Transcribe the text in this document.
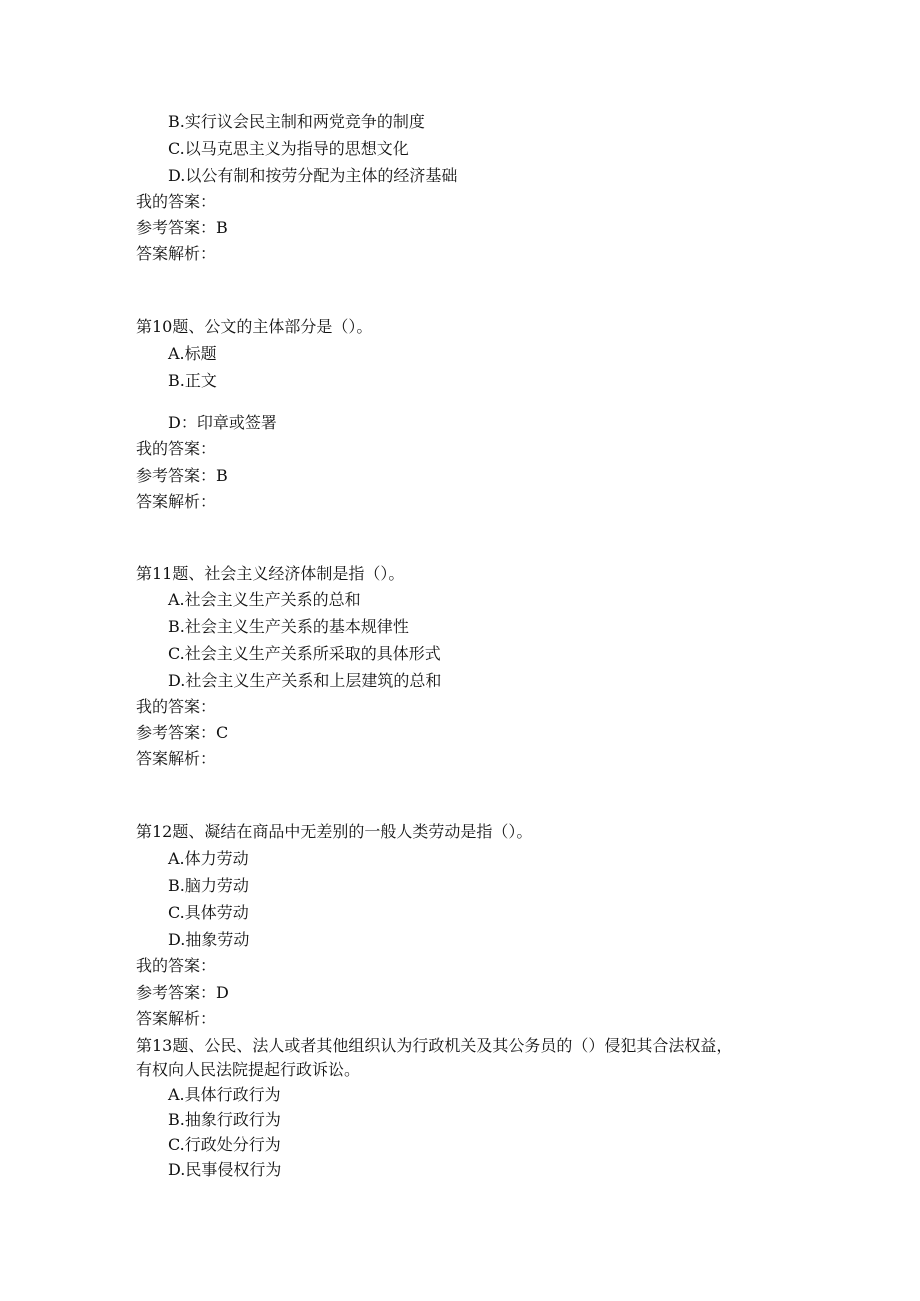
B.实行议会民主制和两党竞争的制度
C.以马克思主义为指导的思想文化
D.以公有制和按劳分配为主体的经济基础
我的答案：
参考答案：B
答案解析：
第10题、公文的主体部分是（）。
A.标题
B.正文
D：印章或签署
我的答案：
参考答案：B
答案解析：
第11题、社会主义经济体制是指（）。
A.社会主义生产关系的总和
B.社会主义生产关系的基本规律性
C.社会主义生产关系所采取的具体形式
D.社会主义生产关系和上层建筑的总和
我的答案：
参考答案：C
答案解析：
第12题、凝结在商品中无差别的一般人类劳动是指（）。
A.体力劳动
B.脑力劳动
C.具体劳动
D.抽象劳动
我的答案：
参考答案：D
答案解析：
第13题、公民、法人或者其他组织认为行政机关及其公务员的（）侵犯其合法权益，
有权向人民法院提起行政诉讼。
A.具体行政行为
B.抽象行政行为
C.行政处分行为
D.民事侵权行为
